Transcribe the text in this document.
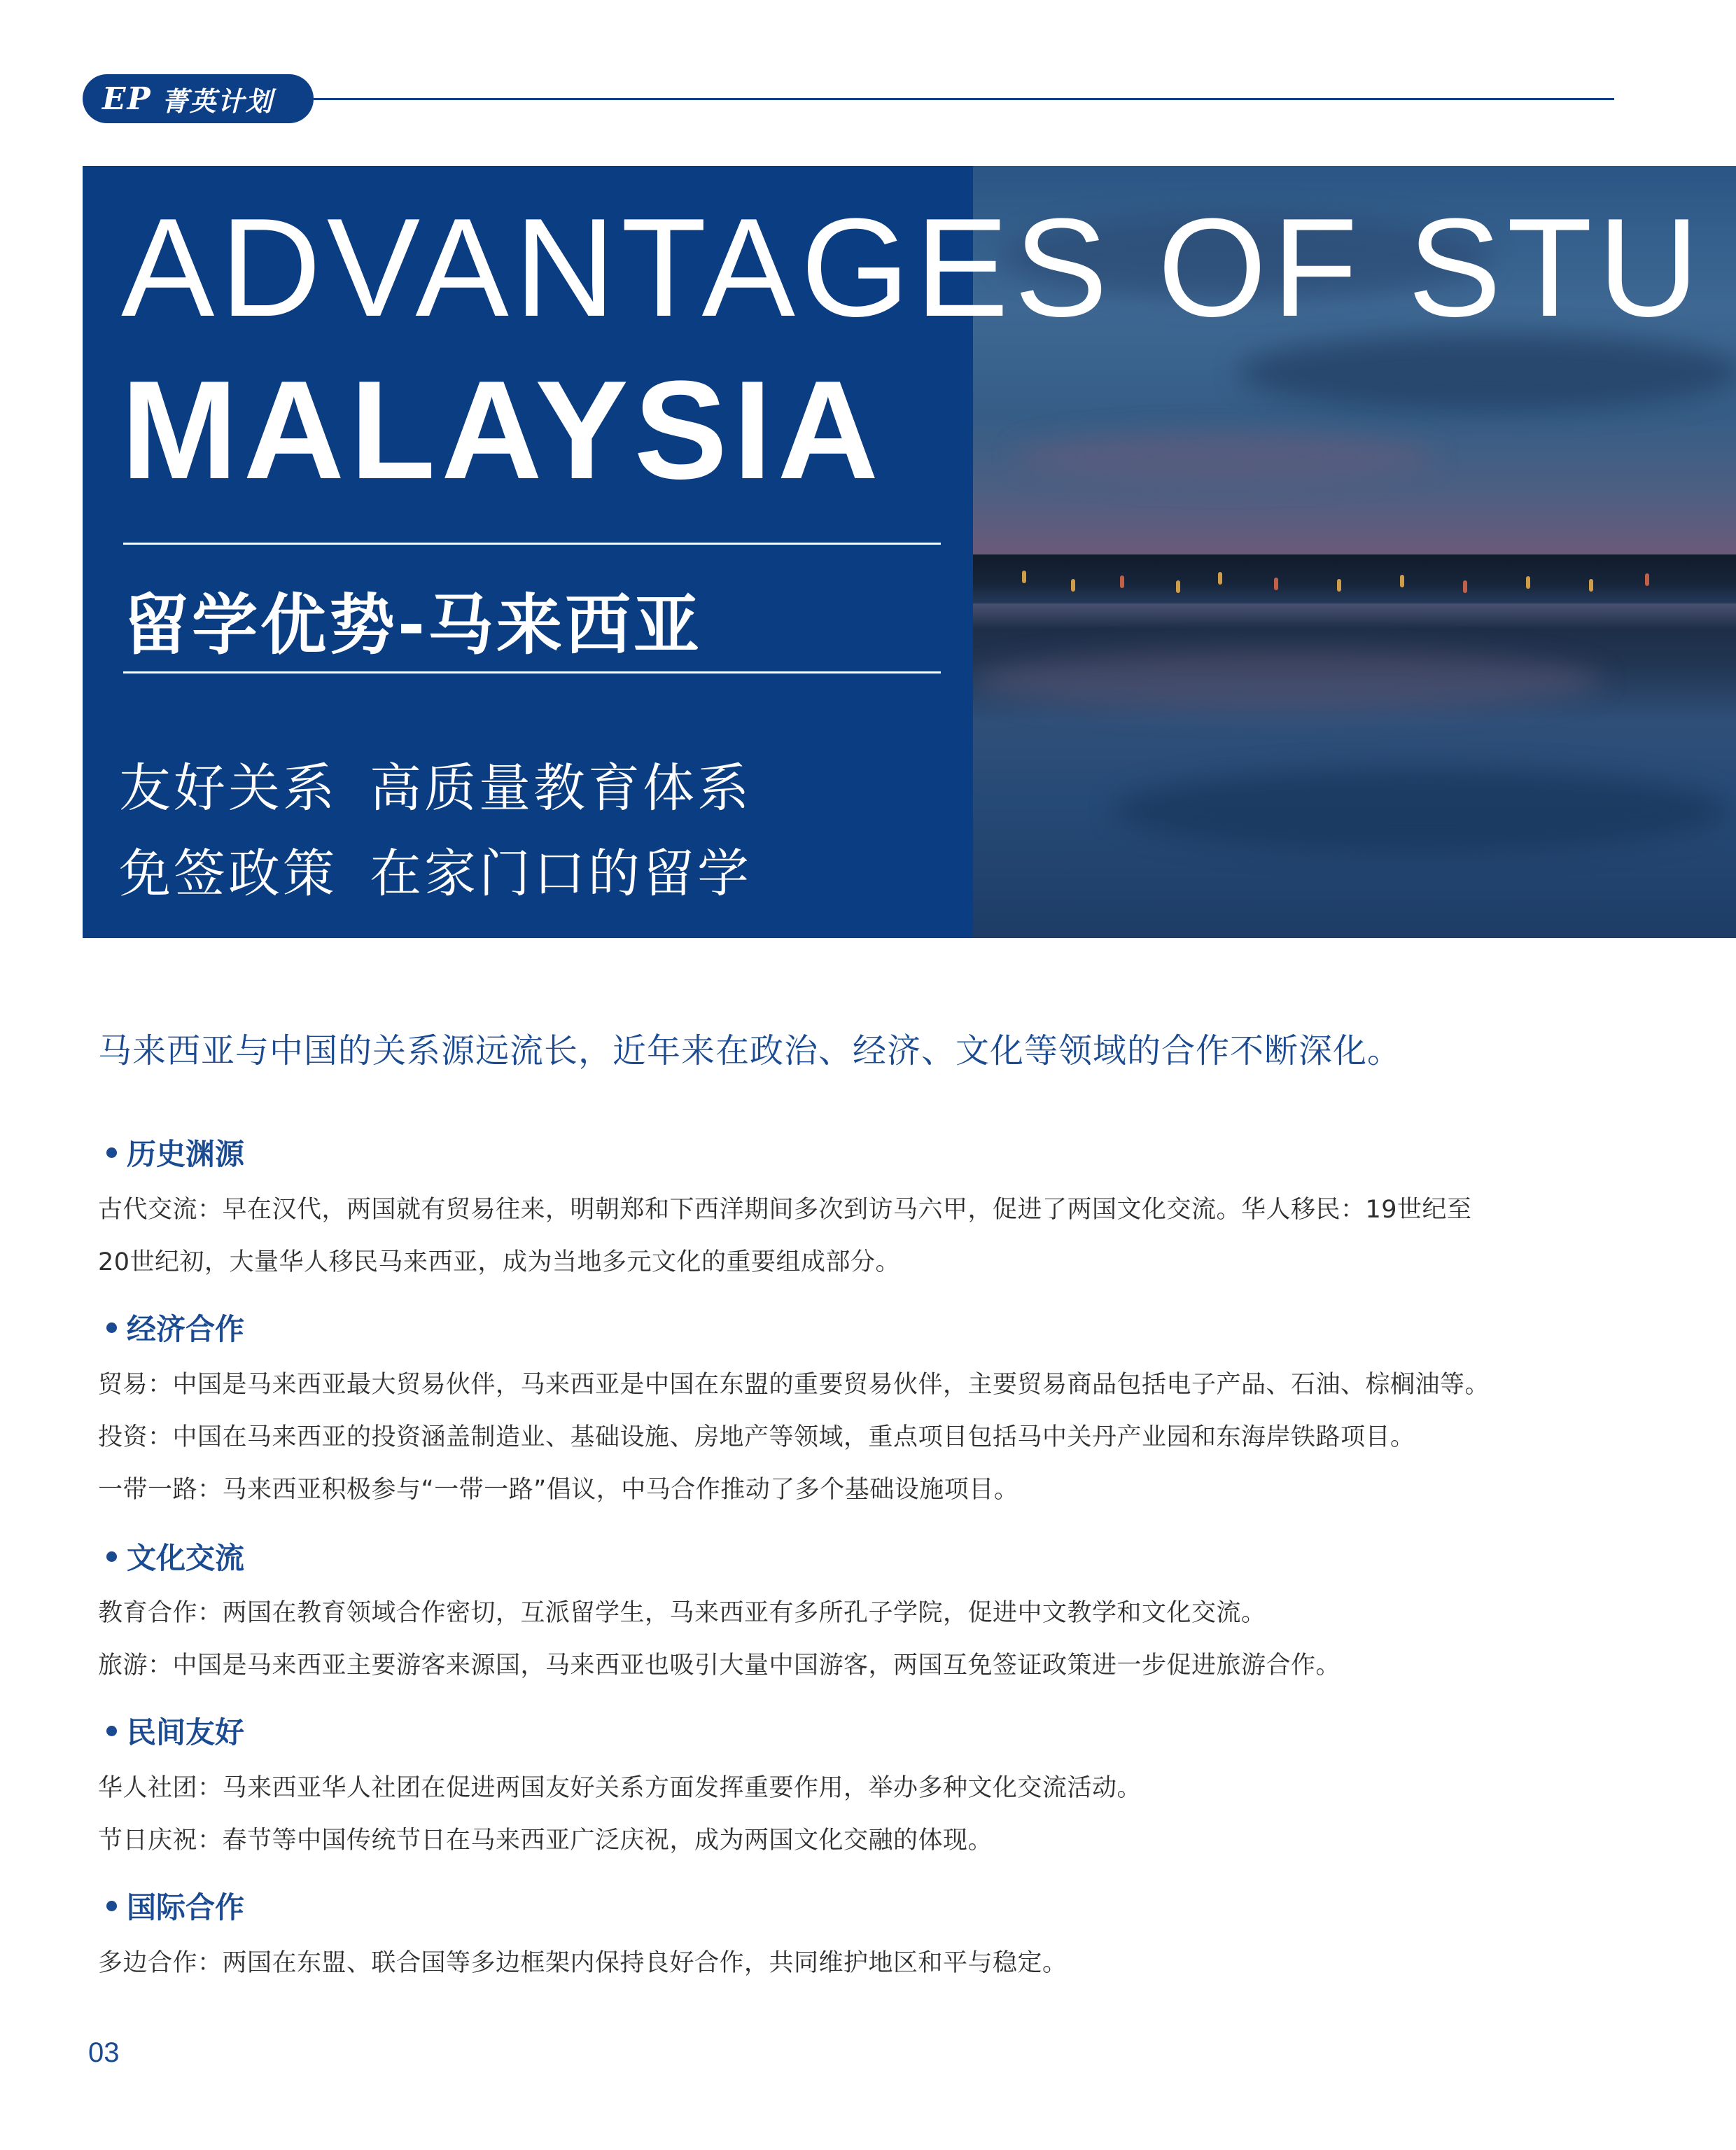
EP 菁英计划
ADVANTAGES OF STU
MALAYSIA
留学优势-马来西亚
友好关系 高质量教育体系
免签政策 在家门口的留学

马来西亚与中国的关系源远流长，近年来在政治、经济、文化等领域的合作不断深化。

历史渊源

古代交流：早在汉代，两国就有贸易往来，明朝郑和下西洋期间多次到访马六甲，促进了两国文化交流。华人移民：19世纪至

20世纪初，大量华人移民马来西亚，成为当地多元文化的重要组成部分。

经济合作

贸易：中国是马来西亚最大贸易伙伴，马来西亚是中国在东盟的重要贸易伙伴，主要贸易商品包括电子产品、石油、棕榈油等。

投资：中国在马来西亚的投资涵盖制造业、基础设施、房地产等领域，重点项目包括马中关丹产业园和东海岸铁路项目。

一带一路：马来西亚积极参与“一带一路”倡议，中马合作推动了多个基础设施项目。

文化交流

教育合作：两国在教育领域合作密切，互派留学生，马来西亚有多所孔子学院，促进中文教学和文化交流。

旅游：中国是马来西亚主要游客来源国，马来西亚也吸引大量中国游客，两国互免签证政策进一步促进旅游合作。

民间友好

华人社团：马来西亚华人社团在促进两国友好关系方面发挥重要作用，举办多种文化交流活动。

节日庆祝：春节等中国传统节日在马来西亚广泛庆祝，成为两国文化交融的体现。

国际合作

多边合作：两国在东盟、联合国等多边框架内保持良好合作，共同维护地区和平与稳定。

03
